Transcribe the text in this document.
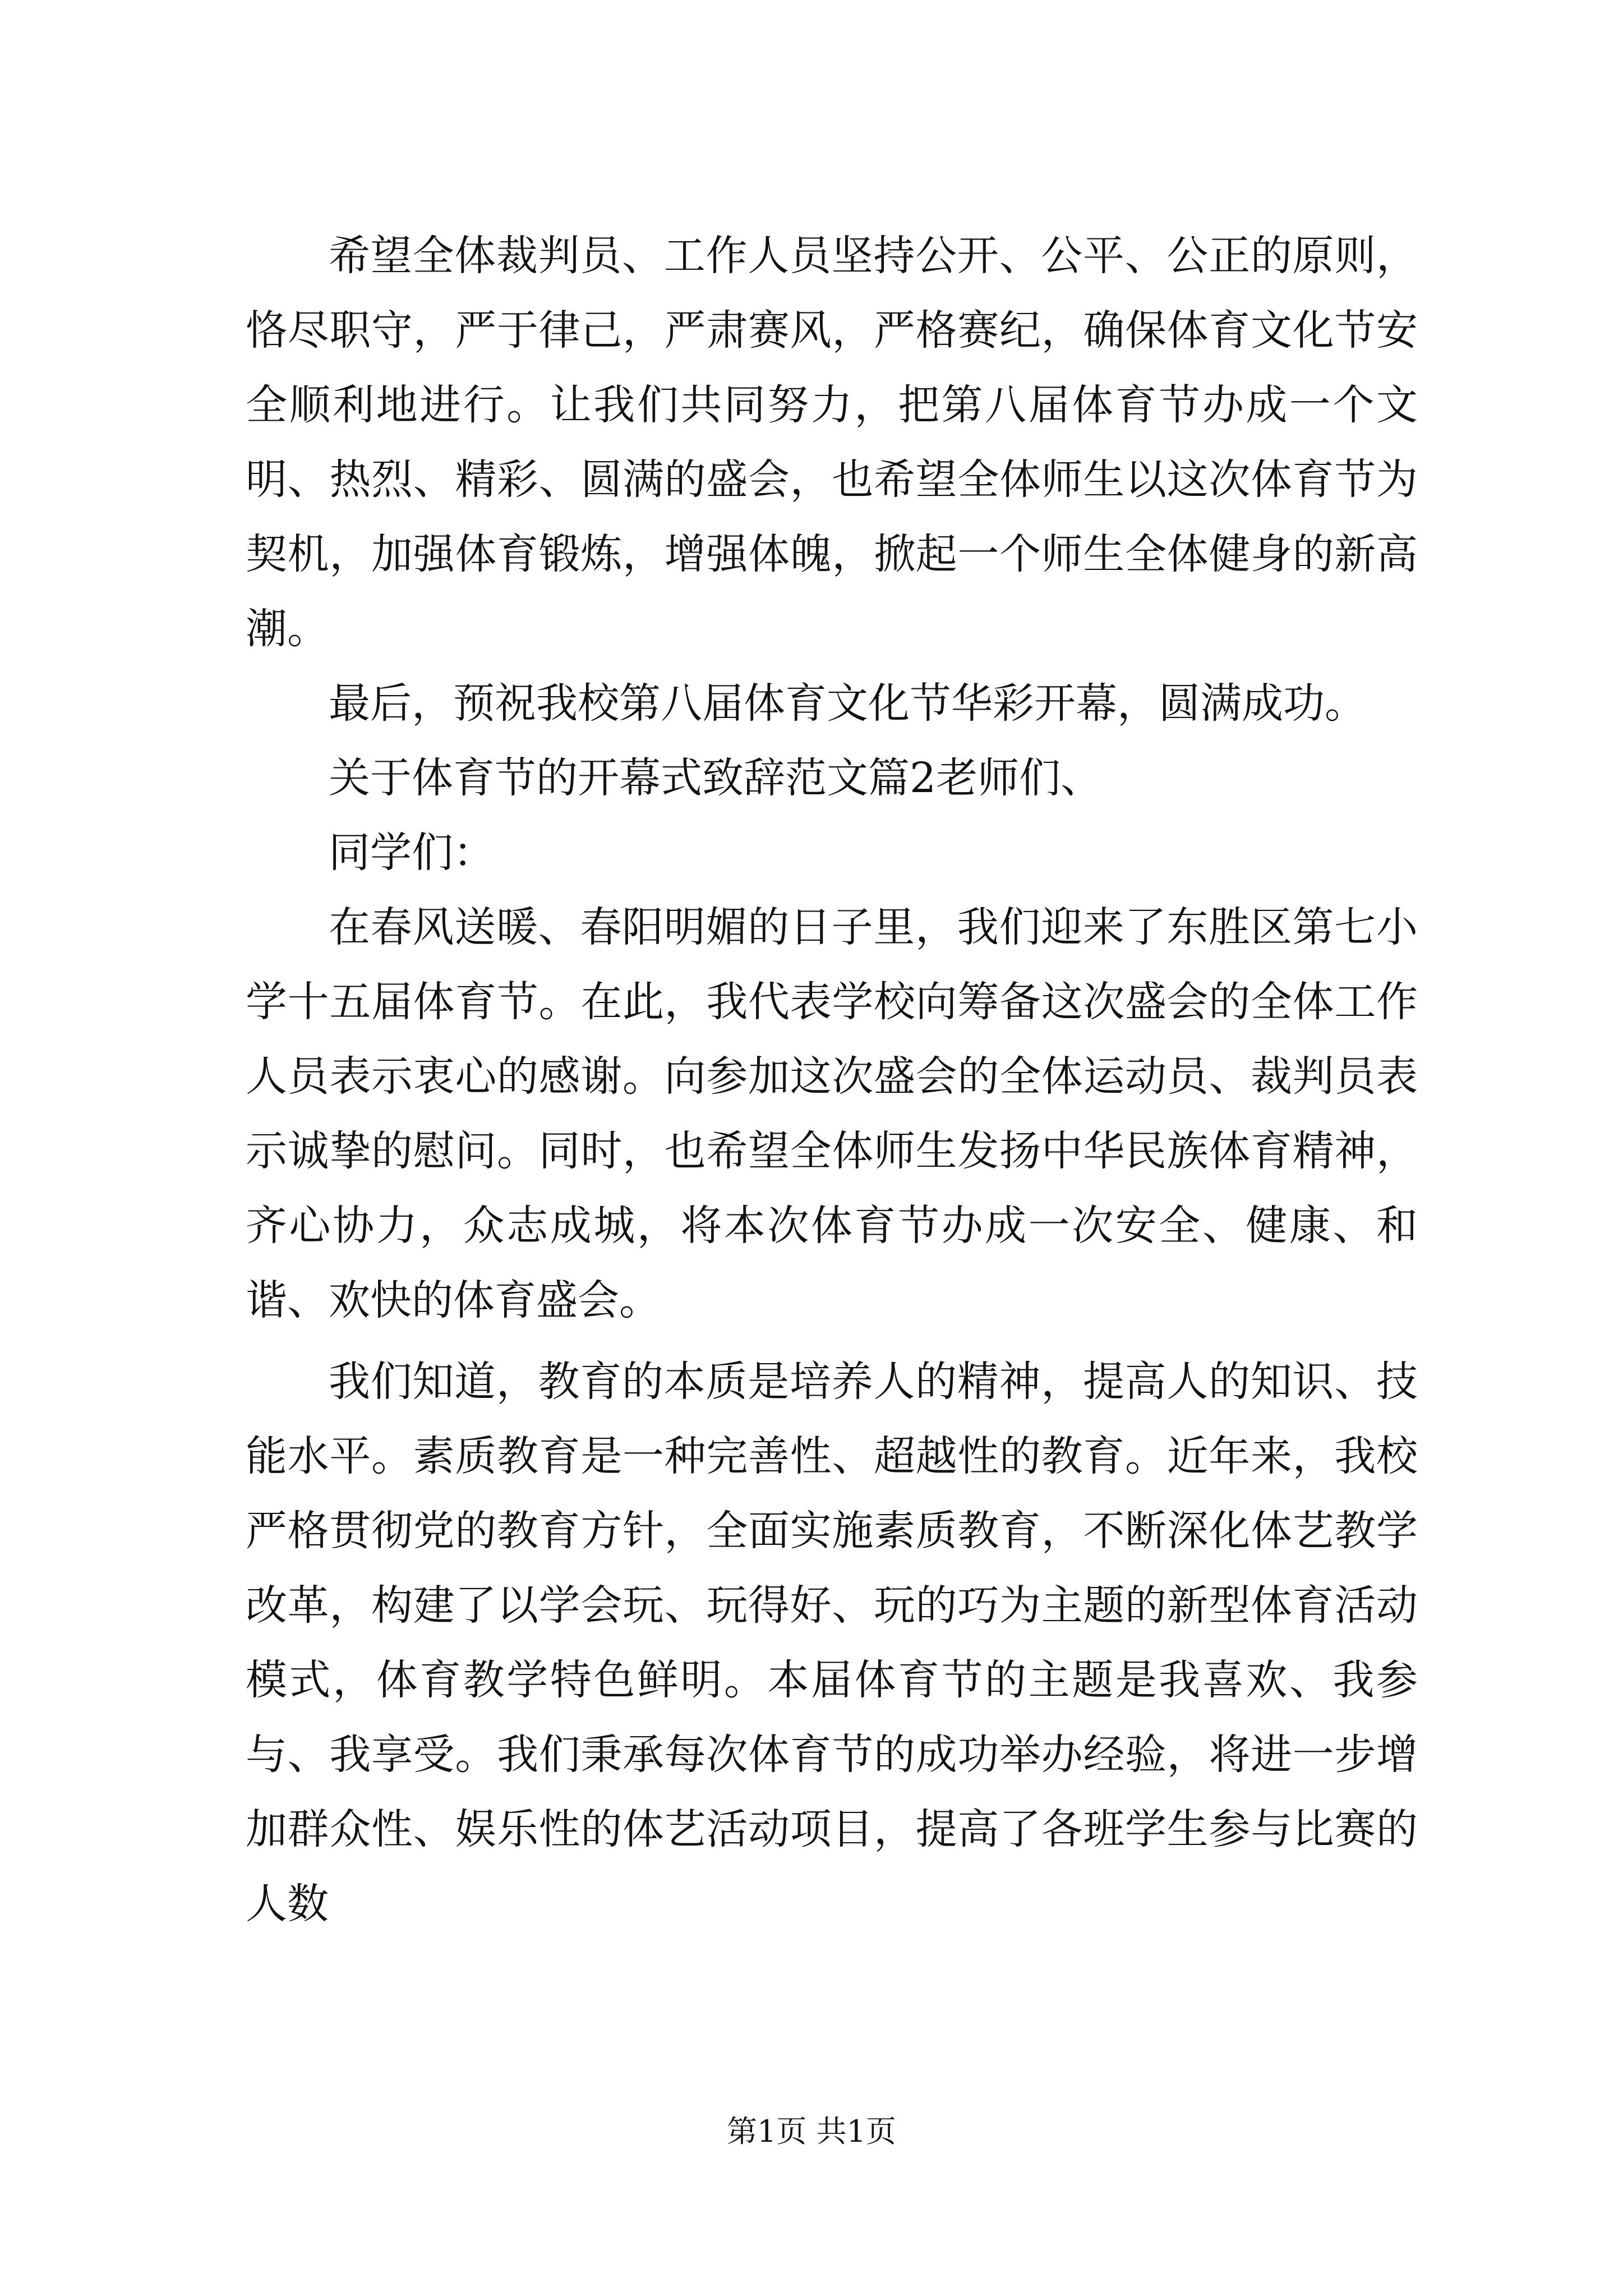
希望全体裁判员、工作人员坚持公开、公平、公正的原则，恪尽职守，严于律己，严肃赛风，严格赛纪，确保体育文化节安全顺利地进行。让我们共同努力，把第八届体育节办成一个文明、热烈、精彩、圆满的盛会，也希望全体师生以这次体育节为契机，加强体育锻炼，增强体魄，掀起一个师生全体健身的新高潮。

最后，预祝我校第八届体育文化节华彩开幕，圆满成功。

关于体育节的开幕式致辞范文篇2老师们、

同学们：

在春风送暖、春阳明媚的日子里，我们迎来了东胜区第七小学十五届体育节。在此，我代表学校向筹备这次盛会的全体工作人员表示衷心的感谢。向参加这次盛会的全体运动员、裁判员表示诚挚的慰问。同时，也希望全体师生发扬中华民族体育精神，齐心协力，众志成城，将本次体育节办成一次安全、健康、和谐、欢快的体育盛会。

我们知道，教育的本质是培养人的精神，提高人的知识、技能水平。素质教育是一种完善性、超越性的教育。近年来，我校严格贯彻党的教育方针，全面实施素质教育，不断深化体艺教学改革，构建了以学会玩、玩得好、玩的巧为主题的新型体育活动模式，体育教学特色鲜明。本届体育节的主题是我喜欢、我参与、我享受。我们秉承每次体育节的成功举办经验，将进一步增加群众性、娱乐性的体艺活动项目，提高了各班学生参与比赛的人数

第1页 共1页
